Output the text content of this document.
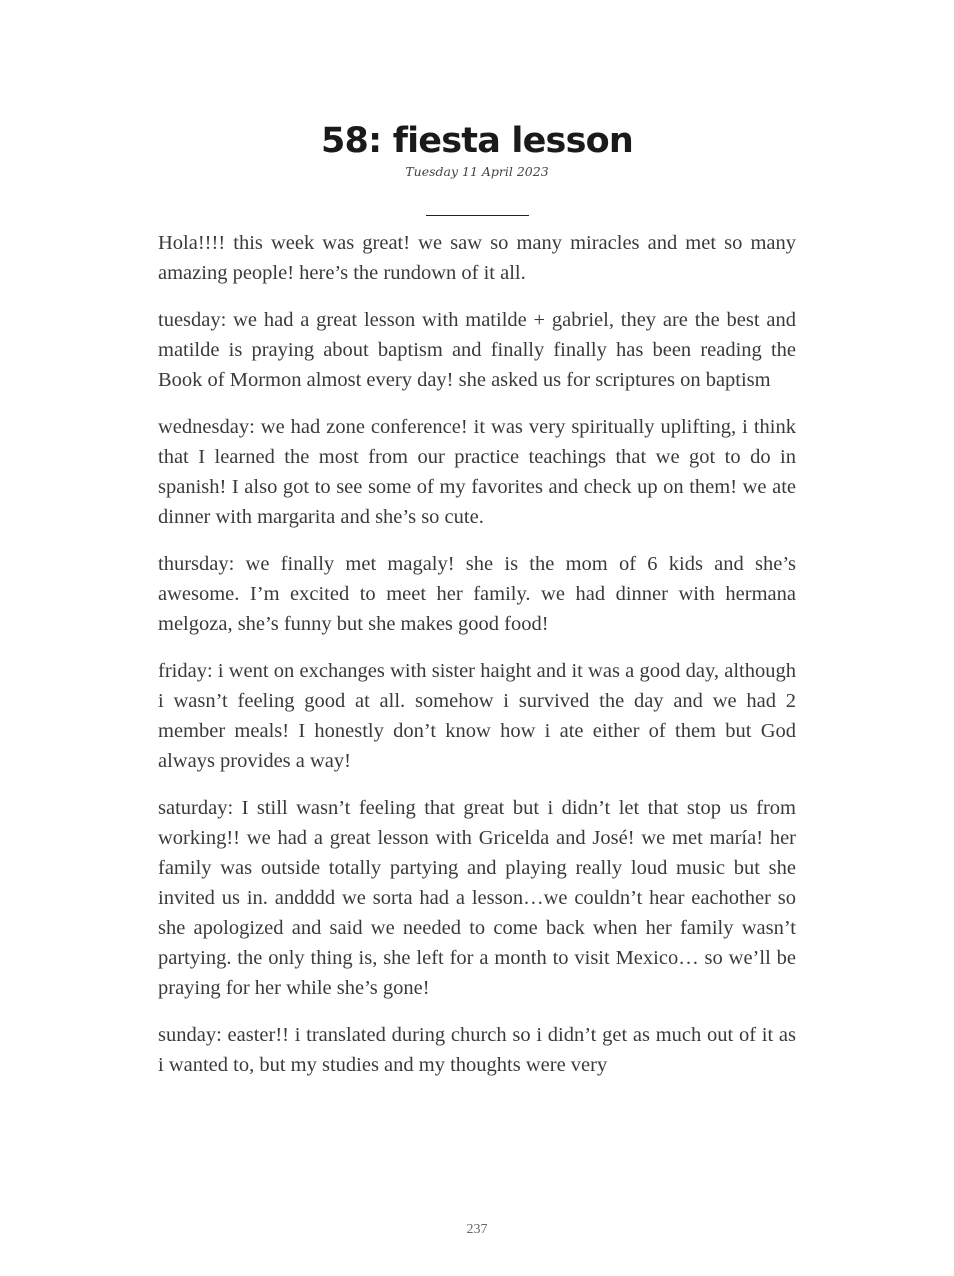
58: fiesta lesson
Tuesday 11 April 2023

Hola!!!! this week was great! we saw so many miracles and met so many amazing people! here’s the rundown of it all.

tuesday: we had a great lesson with matilde + gabriel, they are the best and matilde is praying about baptism and finally finally has been reading the Book of Mormon almost every day! she asked us for scriptures on baptism

wednesday: we had zone conference! it was very spiritually uplifting, i think that I learned the most from our practice teachings that we got to do in spanish! I also got to see some of my favorites and check up on them! we ate dinner with margarita and she’s so cute.

thursday: we finally met magaly! she is the mom of 6 kids and she’s awesome. I’m excited to meet her family. we had dinner with hermana melgoza, she’s funny but she makes good food!

friday: i went on exchanges with sister haight and it was a good day, although i wasn’t feeling good at all. somehow i survived the day and we had 2 member meals! I honestly don’t know how i ate either of them but God always provides a way!

saturday: I still wasn’t feeling that great but i didn’t let that stop us from working!! we had a great lesson with Gricelda and José! we met maría! her family was outside totally partying and playing really loud music but she invited us in. andddd we sorta had a lesson…we couldn’t hear eachother so she apologized and said we needed to come back when her family wasn’t partying. the only thing is, she left for a month to visit Mexico… so we’ll be praying for her while she’s gone!

sunday: easter!! i translated during church so i didn’t get as much out of it as i wanted to, but my studies and my thoughts were very

237
